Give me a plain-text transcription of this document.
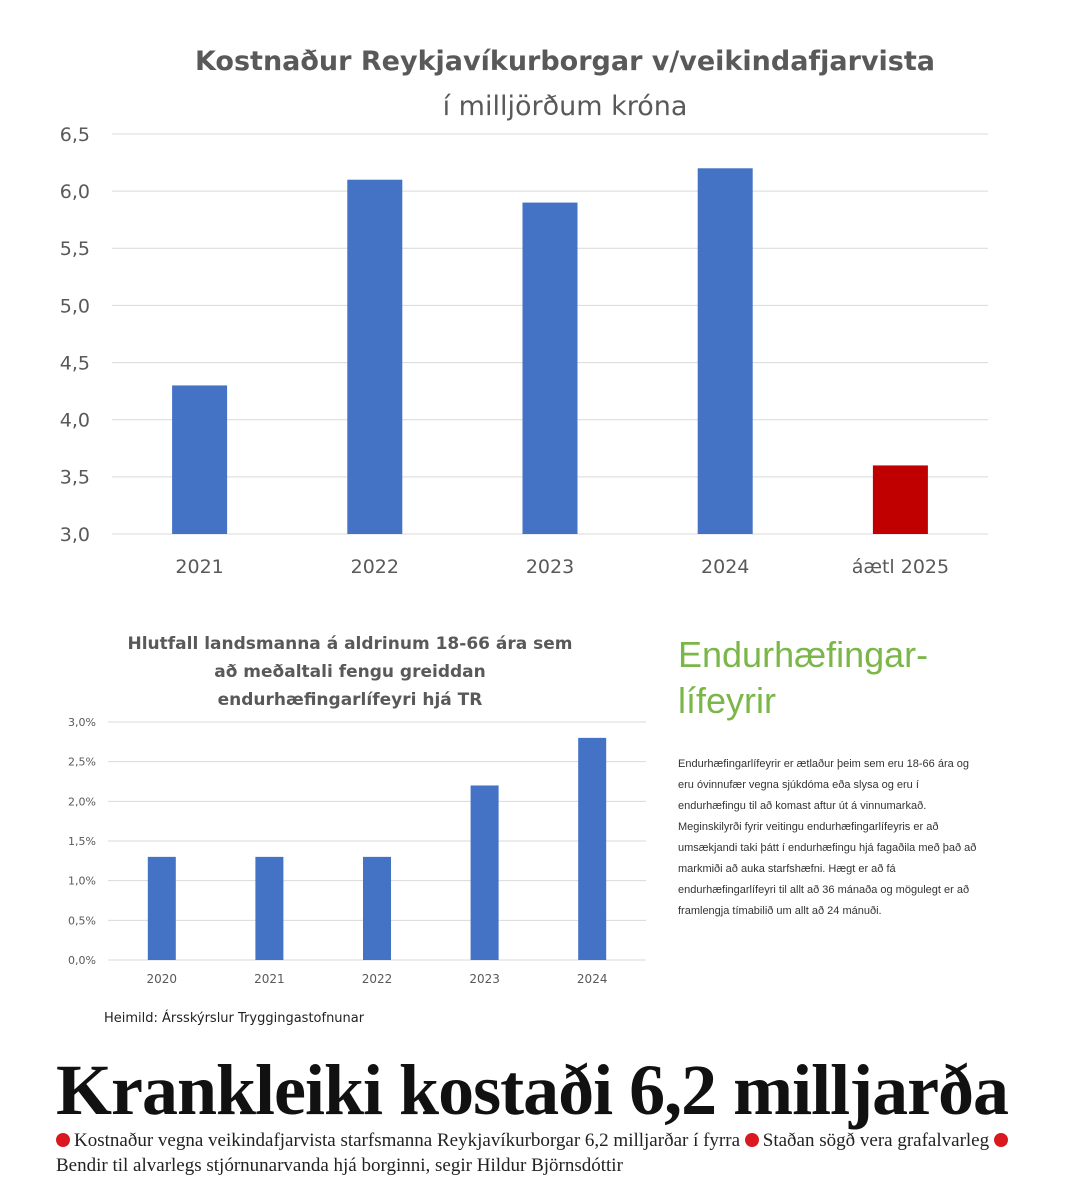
Kostnaður Reykjavíkurborgar v/veikindafjarvista
í milljörðum króna
3,0
3,5
4,0
4,5
5,0
5,5
6,0
6,5
2021	2022	2023	2024	áætl 2025
Hlutfall landsmanna á aldrinum 18-66 ára sem
að meðaltali fengu greiddan
endurhæfingarlífeyri hjá TR
0,0%
0,5%
1,0%
1,5%
2,0%
2,5%
3,0%
2020	2021	2022	2023	2024
Heimild: Ársskýrslur Tryggingastofnunar
Endurhæfingar-
lífeyrir
Endurhæfingarlífeyrir er ætlaður þeim sem eru 18-66 ára og eru óvinnufær vegna sjúkdóma eða slysa og eru í endurhæfingu til að komast aftur út á vinnumarkað. Meginskilyrði fyrir veitingu endurhæfingarlífeyris er að umsækjandi taki þátt í endurhæfingu hjá fagaðila með það að markmiði að auka starfshæfni. Hægt er að fá endurhæfingarlífeyri til allt að 36 mánaða og mögulegt er að framlengja tímabilið um allt að 24 mánuði.
Krankleiki kostaði 6,2 milljarða
Kostnaður vegna veikindafjarvista starfsmanna Reykjavíkurborgar 6,2 milljarðar í fyrra Staðan sögð vera grafalvarleg Bendir til alvarlegs stjórnunarvanda hjá borginni, segir Hildur Björnsdóttir
